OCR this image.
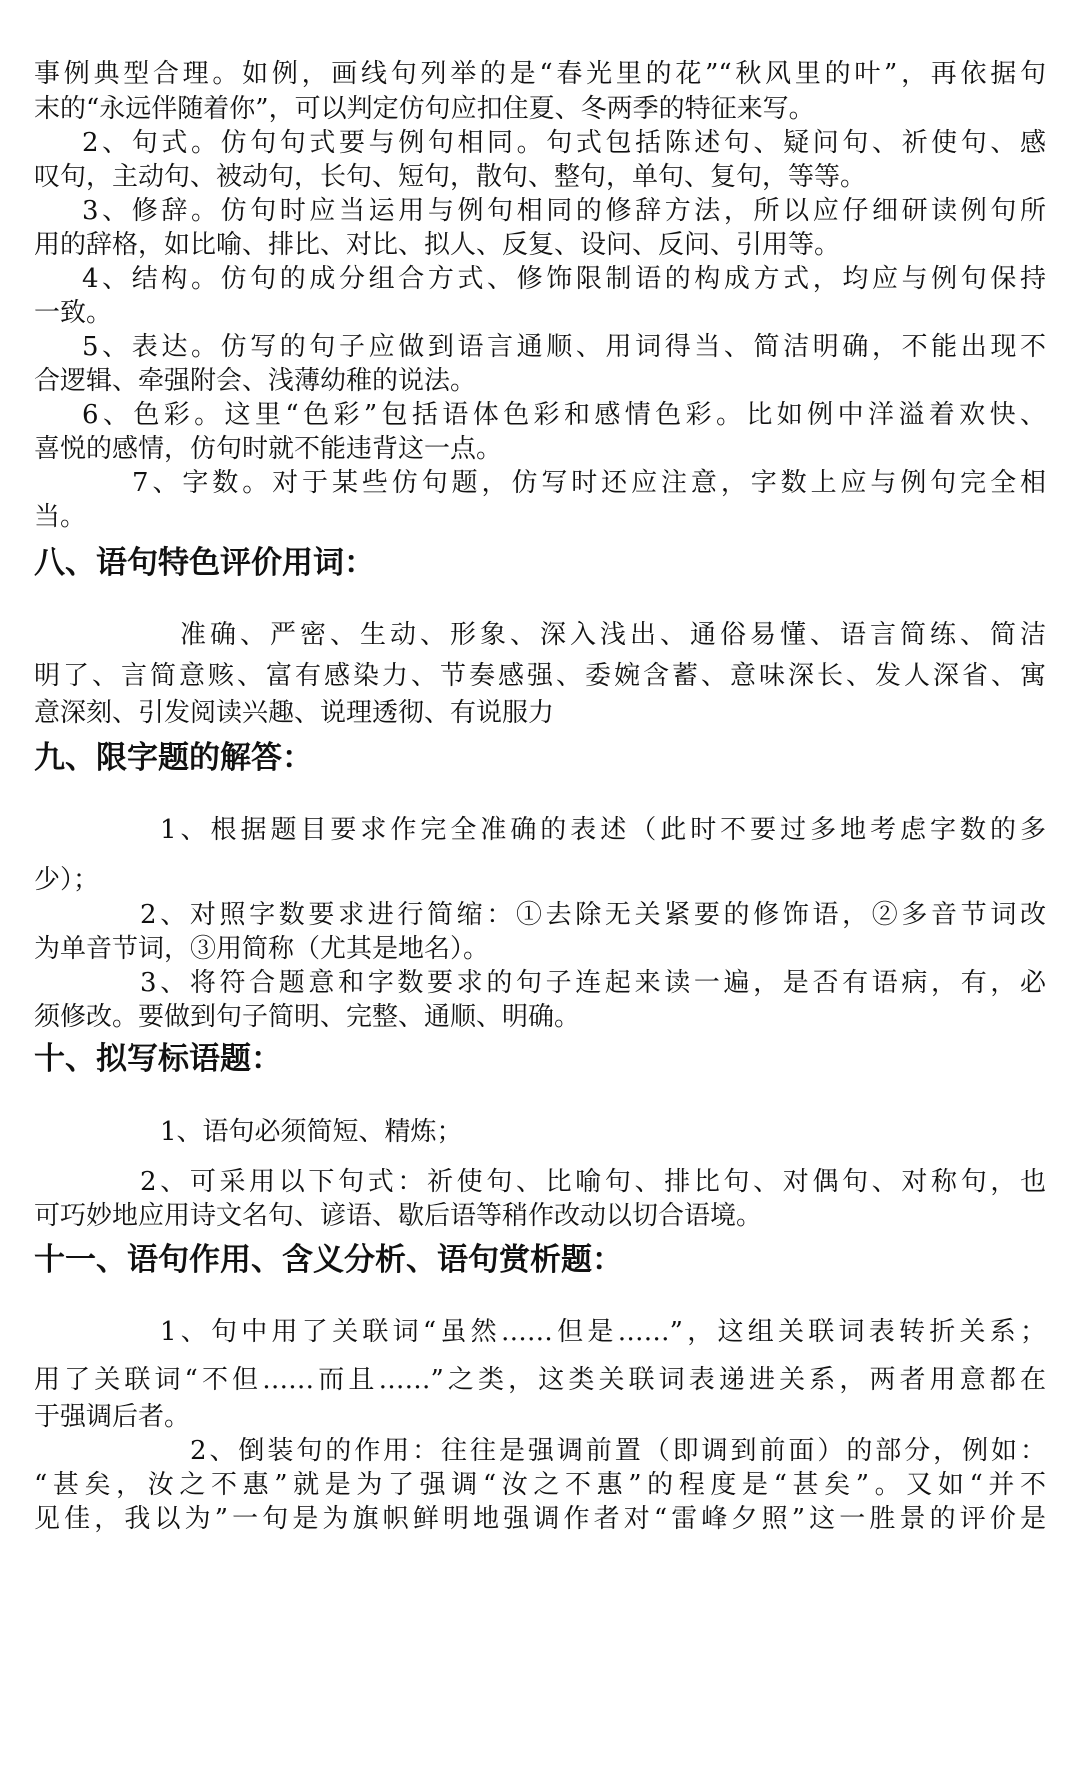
事例典型合理。如例，画线句列举的是“春光里的花”“秋风里的叶”，再依据句
末的“永远伴随着你”，可以判定仿句应扣住夏、冬两季的特征来写。
2、句式。仿句句式要与例句相同。句式包括陈述句、疑问句、祈使句、感
叹句，主动句、被动句，长句、短句，散句、整句，单句、复句，等等。
3、修辞。仿句时应当运用与例句相同的修辞方法，所以应仔细研读例句所
用的辞格，如比喻、排比、对比、拟人、反复、设问、反问、引用等。
4、结构。仿句的成分组合方式、修饰限制语的构成方式，均应与例句保持
一致。
5、表达。仿写的句子应做到语言通顺、用词得当、简洁明确，不能出现不
合逻辑、牵强附会、浅薄幼稚的说法。
6、色彩。这里“色彩”包括语体色彩和感情色彩。比如例中洋溢着欢快、
喜悦的感情，仿句时就不能违背这一点。
7、字数。对于某些仿句题，仿写时还应注意，字数上应与例句完全相
当。
八、语句特色评价用词：
准确、严密、生动、形象、深入浅出、通俗易懂、语言简练、简洁
明了、言简意赅、富有感染力、节奏感强、委婉含蓄、意味深长、发人深省、寓
意深刻、引发阅读兴趣、说理透彻、有说服力
九、限字题的解答：
1、根据题目要求作完全准确的表述（此时不要过多地考虑字数的多
少）；
2、对照字数要求进行简缩：①去除无关紧要的修饰语，②多音节词改
为单音节词，③用简称（尤其是地名）。
3、将符合题意和字数要求的句子连起来读一遍，是否有语病，有，必
须修改。要做到句子简明、完整、通顺、明确。
十、拟写标语题：
1、语句必须简短、精炼；
2、可采用以下句式：祈使句、比喻句、排比句、对偶句、对称句，也
可巧妙地应用诗文名句、谚语、歇后语等稍作改动以切合语境。
十一、语句作用、含义分析、语句赏析题：
1、句中用了关联词“虽然……但是……”，这组关联词表转折关系；
用了关联词“不但……而且……”之类，这类关联词表递进关系，两者用意都在
于强调后者。
2、倒装句的作用：往往是强调前置（即调到前面）的部分，例如：
“甚矣，汝之不惠”就是为了强调“汝之不惠”的程度是“甚矣”。又如“并不
见佳，我以为”一句是为旗帜鲜明地强调作者对“雷峰夕照”这一胜景的评价是
